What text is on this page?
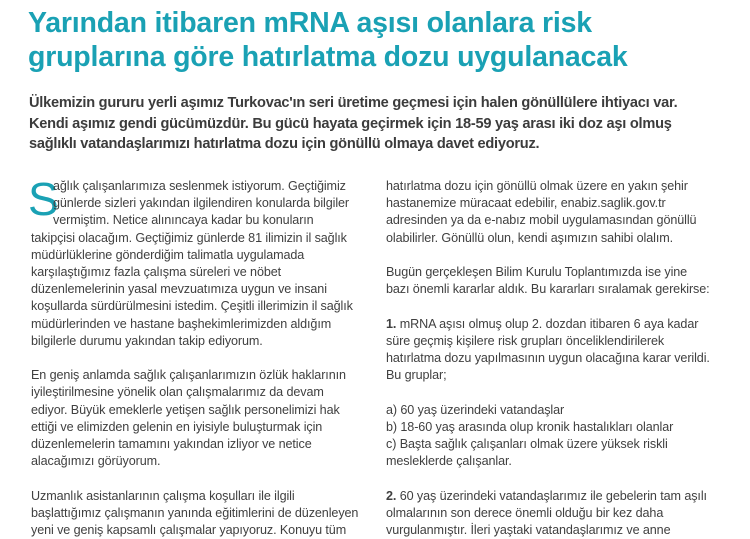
Yarından itibaren mRNA aşısı olanlara risk
gruplarına göre hatırlatma dozu uygulanacak
Ülkemizin gururu yerli aşımız Turkovac'ın seri üretime geçmesi için halen gönüllülere ihtiyacı var.
Kendi aşımız gendi gücümüzdür. Bu gücü hayata geçirmek için 18-59 yaş arası iki doz aşı olmuş
sağlıklı vatandaşlarımızı hatırlatma dozu için gönüllü olmaya davet ediyoruz.
S
ağlık çalışanlarımıza seslenmek istiyorum. Geçtiğimiz
günlerde sizleri yakından ilgilendiren konularda bilgiler
vermiştim. Netice alınıncaya kadar bu konuların
takipçisi olacağım. Geçtiğimiz günlerde 81 ilimizin il sağlık
müdürlüklerine gönderdiğim talimatla uygulamada
karşılaştığımız fazla çalışma süreleri ve nöbet
düzenlemelerinin yasal mevzuatımıza uygun ve insani
koşullarda sürdürülmesini istedim. Çeşitli illerimizin il sağlık
müdürlerinden ve hastane başhekimlerimizden aldığım
bilgilerle durumu yakından takip ediyorum.
En geniş anlamda sağlık çalışanlarımızın özlük haklarının
iyileştirilmesine yönelik olan çalışmalarımız da devam
ediyor. Büyük emeklerle yetişen sağlık personelimizi hak
ettiği ve elimizden gelenin en iyisiyle buluşturmak için
düzenlemelerin tamamını yakından izliyor ve netice
alacağımızı görüyorum.
Uzmanlık asistanlarının çalışma koşulları ile ilgili
başlattığımız çalışmanın yanında eğitimlerini de düzenleyen
yeni ve geniş kapsamlı çalışmalar yapıyoruz. Konuyu tüm
hatırlatma dozu için gönüllü olmak üzere en yakın şehir
hastanemize müracaat edebilir, enabiz.saglik.gov.tr
adresinden ya da e-nabız mobil uygulamasından gönüllü
olabilirler. Gönüllü olun, kendi aşımızın sahibi olalım.
Bugün gerçekleşen Bilim Kurulu Toplantımızda ise yine
bazı önemli kararlar aldık. Bu kararları sıralamak gerekirse:
1. mRNA aşısı olmuş olup 2. dozdan itibaren 6 aya kadar
süre geçmiş kişilere risk grupları önceliklendirilerek
hatırlatma dozu yapılmasının uygun olacağına karar verildi.
Bu gruplar;
a) 60 yaş üzerindeki vatandaşlar
b) 18-60 yaş arasında olup kronik hastalıkları olanlar
c) Başta sağlık çalışanları olmak üzere yüksek riskli
mesleklerde çalışanlar.
2. 60 yaş üzerindeki vatandaşlarımız ile gebelerin tam aşılı
olmalarının son derece önemli olduğu bir kez daha
vurgulanmıştır. İleri yaştaki vatandaşlarımız ve anne
